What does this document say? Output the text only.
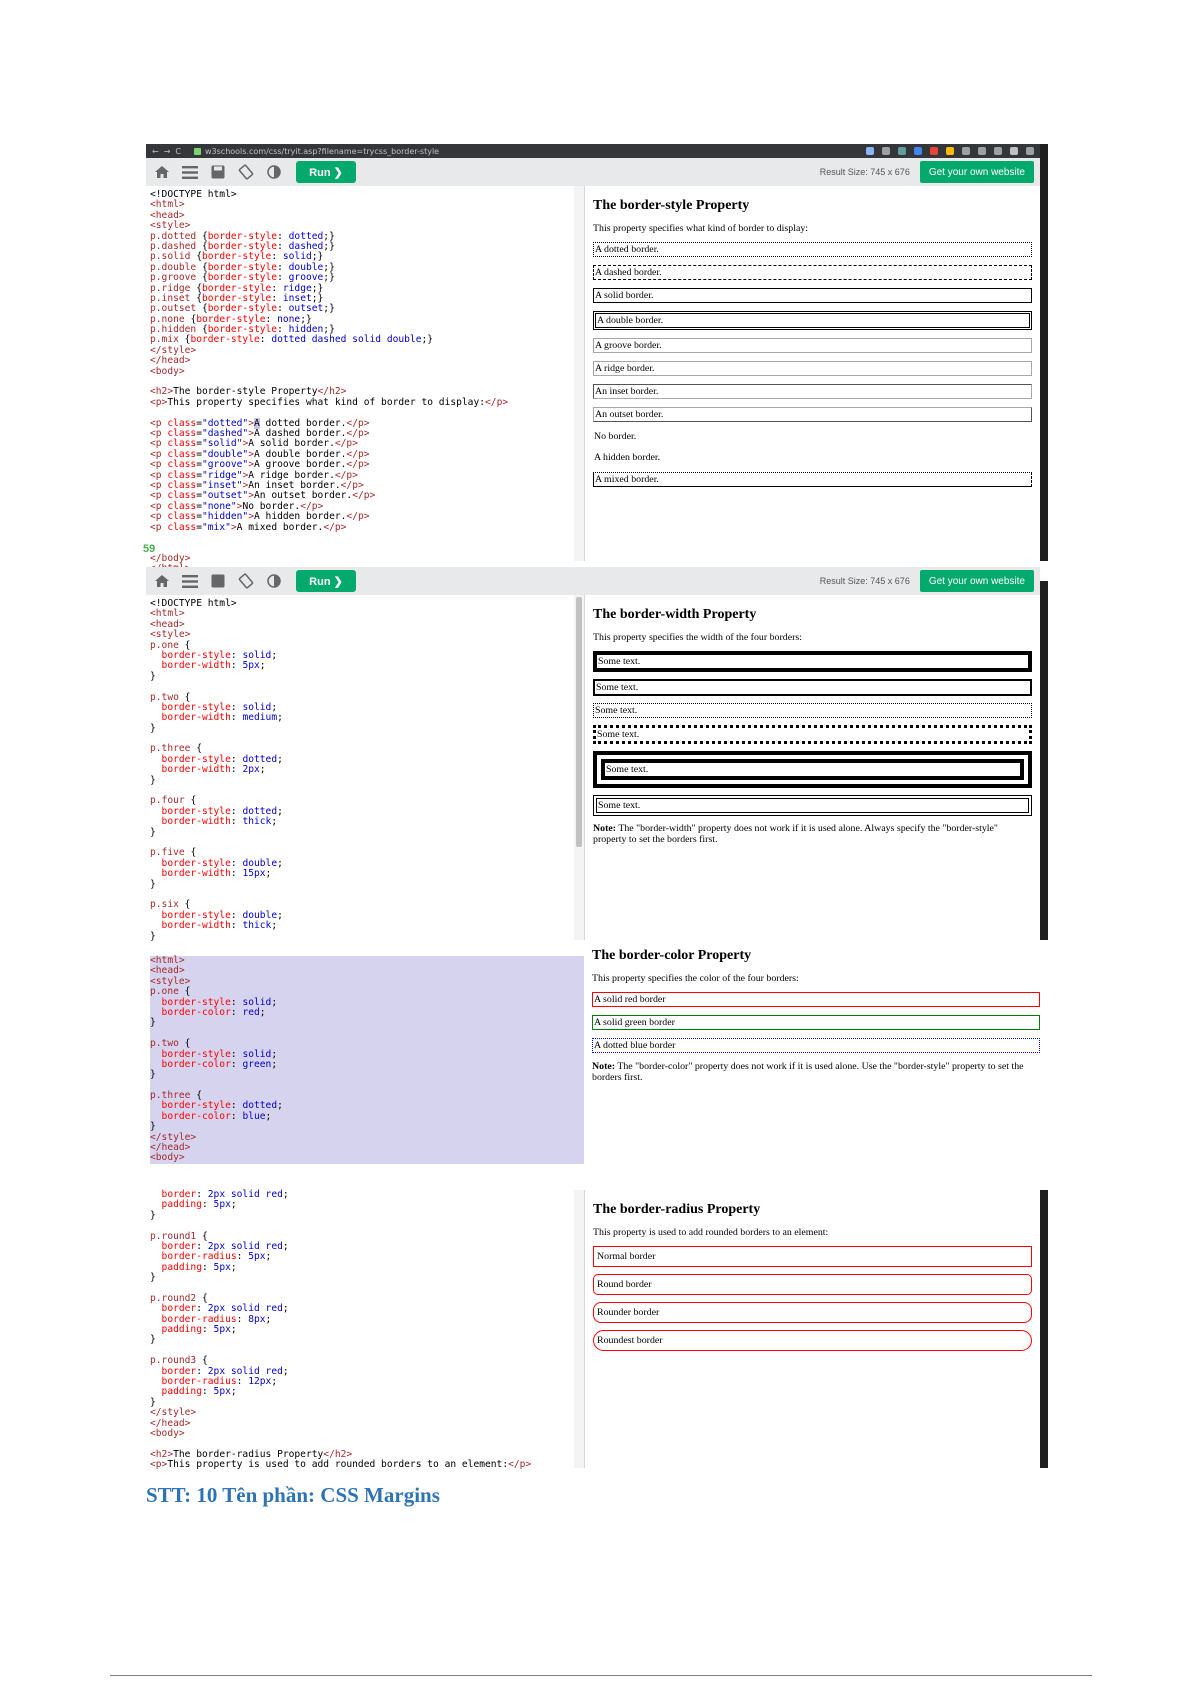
←→C w3schools.com/css/tryit.asp?filename=trycss_border-style
Run ❯	Result Size: 745 x 676	Get your own website
<!DOCTYPE html>
<html>
<head>
<style>
p.dotted {border-style: dotted;}
p.dashed {border-style: dashed;}
p.solid {border-style: solid;}
p.double {border-style: double;}
p.groove {border-style: groove;}
p.ridge {border-style: ridge;}
p.inset {border-style: inset;}
p.outset {border-style: outset;}
p.none {border-style: none;}
p.hidden {border-style: hidden;}
p.mix {border-style: dotted dashed solid double;}
</style>
</head>
<body>
<h2>The border-style Property</h2>
<p>This property specifies what kind of border to display:</p>
<p class="dotted">A dotted border.</p>
<p class="dashed">A dashed border.</p>
<p class="solid">A solid border.</p>
<p class="double">A double border.</p>
<p class="groove">A groove border.</p>
<p class="ridge">A ridge border.</p>
<p class="inset">An inset border.</p>
<p class="outset">An outset border.</p>
<p class="none">No border.</p>
<p class="hidden">A hidden border.</p>
<p class="mix">A mixed border.</p>
</body>
59
The border-style Property

This property specifies what kind of border to display:

A dotted border.

A dashed border.

A solid border.

A double border.

A groove border.

A ridge border.

An inset border.

An outset border.

No border.

A hidden border.

A mixed border.

Run ❯	Result Size: 745 x 676	Get your own website
<!DOCTYPE html>
<html>
<head>
<style>
p.one {
border-style: solid;
border-width: 5px;
}
p.two {
border-style: solid;
border-width: medium;
}
p.three {
border-style: dotted;
border-width: 2px;
}
p.four {
border-style: dotted;
border-width: thick;
}
p.five {
border-style: double;
border-width: 15px;
}
p.six {
border-style: double;
border-width: thick;
}
The border-width Property

This property specifies the width of the four borders:

Some text.

Some text.

Some text.

Some text.

Some text.

Some text.

Note: The "border-width" property does not work if it is used alone. Always specify the "border-style" property to set the borders first.

<html>
<head>
<style>
p.one {
border-style: solid;
border-color: red;
}
p.two {
border-style: solid;
border-color: green;
}
p.three {
border-style: dotted;
border-color: blue;
}
</style>
</head>
<body>
The border-color Property

This property specifies the color of the four borders:

A solid red border

A solid green border

A dotted blue border

Note: The "border-color" property does not work if it is used alone. Use the "border-style" property to set the borders first.

border: 2px solid red;
padding: 5px;
}
p.round1 {
border: 2px solid red;
border-radius: 5px;
padding: 5px;
}
p.round2 {
border: 2px solid red;
border-radius: 8px;
padding: 5px;
}
p.round3 {
border: 2px solid red;
border-radius: 12px;
padding: 5px;
}
</style>
</head>
<body>
<h2>The border-radius Property</h2>
<p>This property is used to add rounded borders to an element:</p>
The border-radius Property

This property is used to add rounded borders to an element:

Normal border

Round border

Rounder border

Roundest border

STT: 10 Tên phần: CSS Margins
